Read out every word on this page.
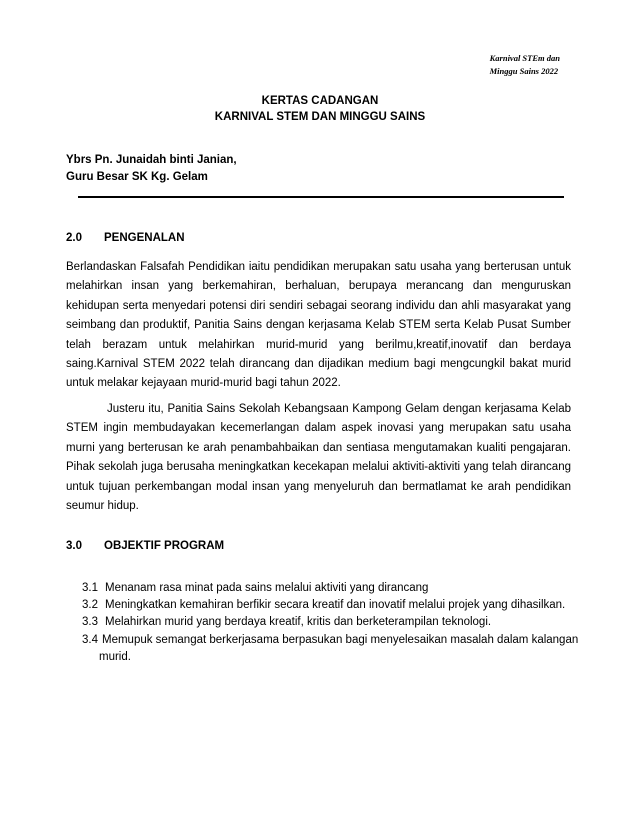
Karnival STEm dan
Minggu Sains 2022
KERTAS CADANGAN
KARNIVAL STEM DAN MINGGU SAINS
Ybrs Pn. Junaidah binti Janian,
Guru Besar SK Kg. Gelam
2.0 PENGENALAN
Berlandaskan Falsafah Pendidikan iaitu pendidikan merupakan satu usaha yang berterusan untuk melahirkan insan yang berkemahiran, berhaluan, berupaya merancang dan menguruskan kehidupan serta menyedari potensi diri sendiri sebagai seorang individu dan ahli masyarakat yang seimbang dan produktif, Panitia Sains dengan kerjasama Kelab STEM serta Kelab Pusat Sumber telah berazam untuk melahirkan murid-murid yang berilmu,kreatif,inovatif dan berdaya saing.Karnival STEM 2022 telah dirancang dan dijadikan medium bagi mengcungkil bakat murid untuk melakar kejayaan murid-murid bagi tahun 2022.
Justeru itu, Panitia Sains Sekolah Kebangsaan Kampong Gelam dengan kerjasama Kelab STEM ingin membudayakan kecemerlangan dalam aspek inovasi yang merupakan satu usaha murni yang berterusan ke arah penambahbaikan dan sentiasa mengutamakan kualiti pengajaran. Pihak sekolah juga berusaha meningkatkan kecekapan melalui aktiviti-aktiviti yang telah dirancang untuk tujuan perkembangan modal insan yang menyeluruh dan bermatlamat ke arah pendidikan seumur hidup.
3.0 OBJEKTIF PROGRAM
3.1 Menanam rasa minat pada sains melalui aktiviti yang dirancang
3.2 Meningkatkan kemahiran berfikir secara kreatif dan inovatif melalui projek yang dihasilkan.
3.3 Melahirkan murid yang berdaya kreatif, kritis dan berketerampilan teknologi.
3.4 Memupuk semangat berkerjasama berpasukan bagi menyelesaikan masalah dalam kalangan
murid.
